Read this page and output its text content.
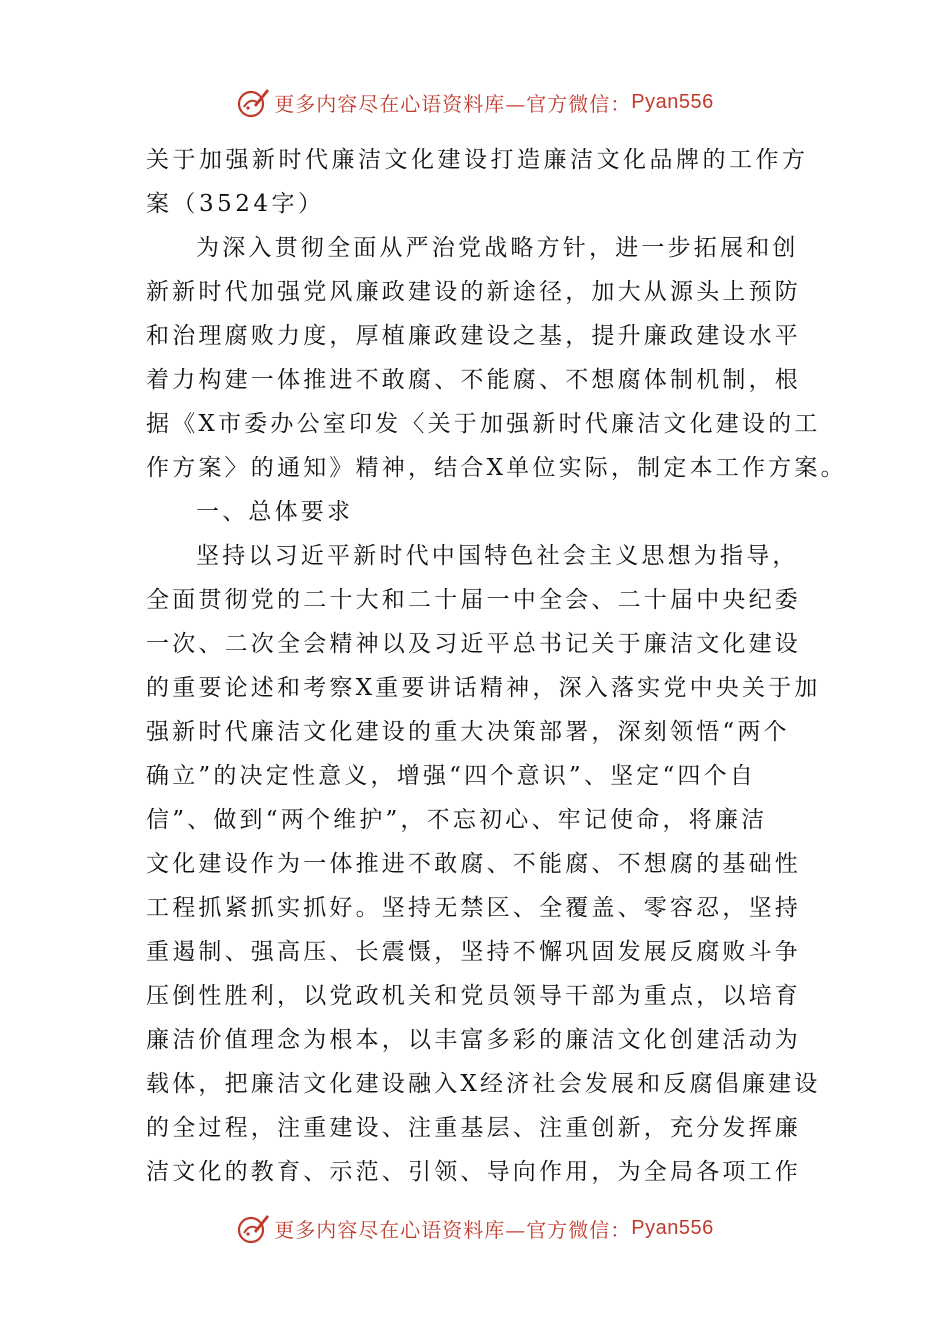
更多内容尽在心语资料库—官方微信： Pyan556
关于加强新时代廉洁文化建设打造廉洁文化品牌的工作方
案（3524字）
为深入贯彻全面从严治党战略方针，进一步拓展和创
新新时代加强党风廉政建设的新途径，加大从源头上预防
和治理腐败力度，厚植廉政建设之基，提升廉政建设水平
着力构建一体推进不敢腐、不能腐、不想腐体制机制，根
据《X市委办公室印发〈关于加强新时代廉洁文化建设的工
作方案〉的通知》精神，结合X单位实际，制定本工作方案。
一、总体要求
坚持以习近平新时代中国特色社会主义思想为指导，
全面贯彻党的二十大和二十届一中全会、二十届中央纪委
一次、二次全会精神以及习近平总书记关于廉洁文化建设
的重要论述和考察X重要讲话精神，深入落实党中央关于加
强新时代廉洁文化建设的重大决策部署，深刻领悟“两个
确立”的决定性意义，增强“四个意识”、坚定“四个自
信”、做到“两个维护”，不忘初心、牢记使命，将廉洁
文化建设作为一体推进不敢腐、不能腐、不想腐的基础性
工程抓紧抓实抓好。坚持无禁区、全覆盖、零容忍，坚持
重遏制、强高压、长震慑，坚持不懈巩固发展反腐败斗争
压倒性胜利，以党政机关和党员领导干部为重点，以培育
廉洁价值理念为根本，以丰富多彩的廉洁文化创建活动为
载体，把廉洁文化建设融入X经济社会发展和反腐倡廉建设
的全过程，注重建设、注重基层、注重创新，充分发挥廉
洁文化的教育、示范、引领、导向作用，为全局各项工作
更多内容尽在心语资料库—官方微信： Pyan556
